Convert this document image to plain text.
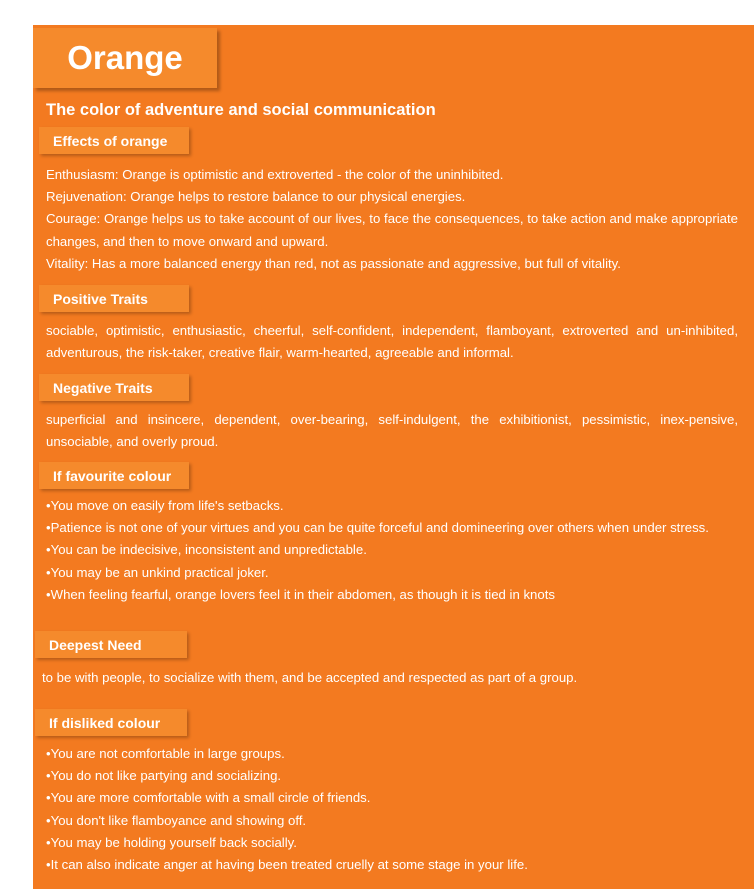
Orange
The color of adventure and social communication
Effects of orange

Enthusiasm: Orange is optimistic and extroverted - the color of the uninhibited.

Rejuvenation: Orange helps to restore balance to our physical energies.

Courage: Orange helps us to take account of our lives, to face the consequences, to take action and make appropriate changes, and then to move onward and upward.

Vitality: Has a more balanced energy than red, not as passionate and aggressive, but full of vitality.

Positive Traits

sociable, optimistic, enthusiastic, cheerful, self-confident, independent, flamboyant, extroverted and un-inhibited, adventurous, the risk-taker, creative flair, warm-hearted, agreeable and informal.

Negative Traits

superficial and insincere, dependent, over-bearing, self-indulgent, the exhibitionist, pessimistic, inex-pensive, unsociable, and overly proud.

If favourite colour
• You move on easily from life's setbacks.
• Patience is not one of your virtues and you can be quite forceful and domineering over others when under stress.
• You can be indecisive, inconsistent and unpredictable.
• You may be an unkind practical joker.
• When feeling fearful, orange lovers feel it in their abdomen, as though it is tied in knots
Deepest Need

to be with people, to socialize with them, and be accepted and respected as part of a group.

If disliked colour
• You are not comfortable in large groups.
• You do not like partying and socializing.
• You are more comfortable with a small circle of friends.
• You don't like flamboyance and showing off.
• You may be holding yourself back socially.
• It can also indicate anger at having been treated cruelly at some stage in your life.
